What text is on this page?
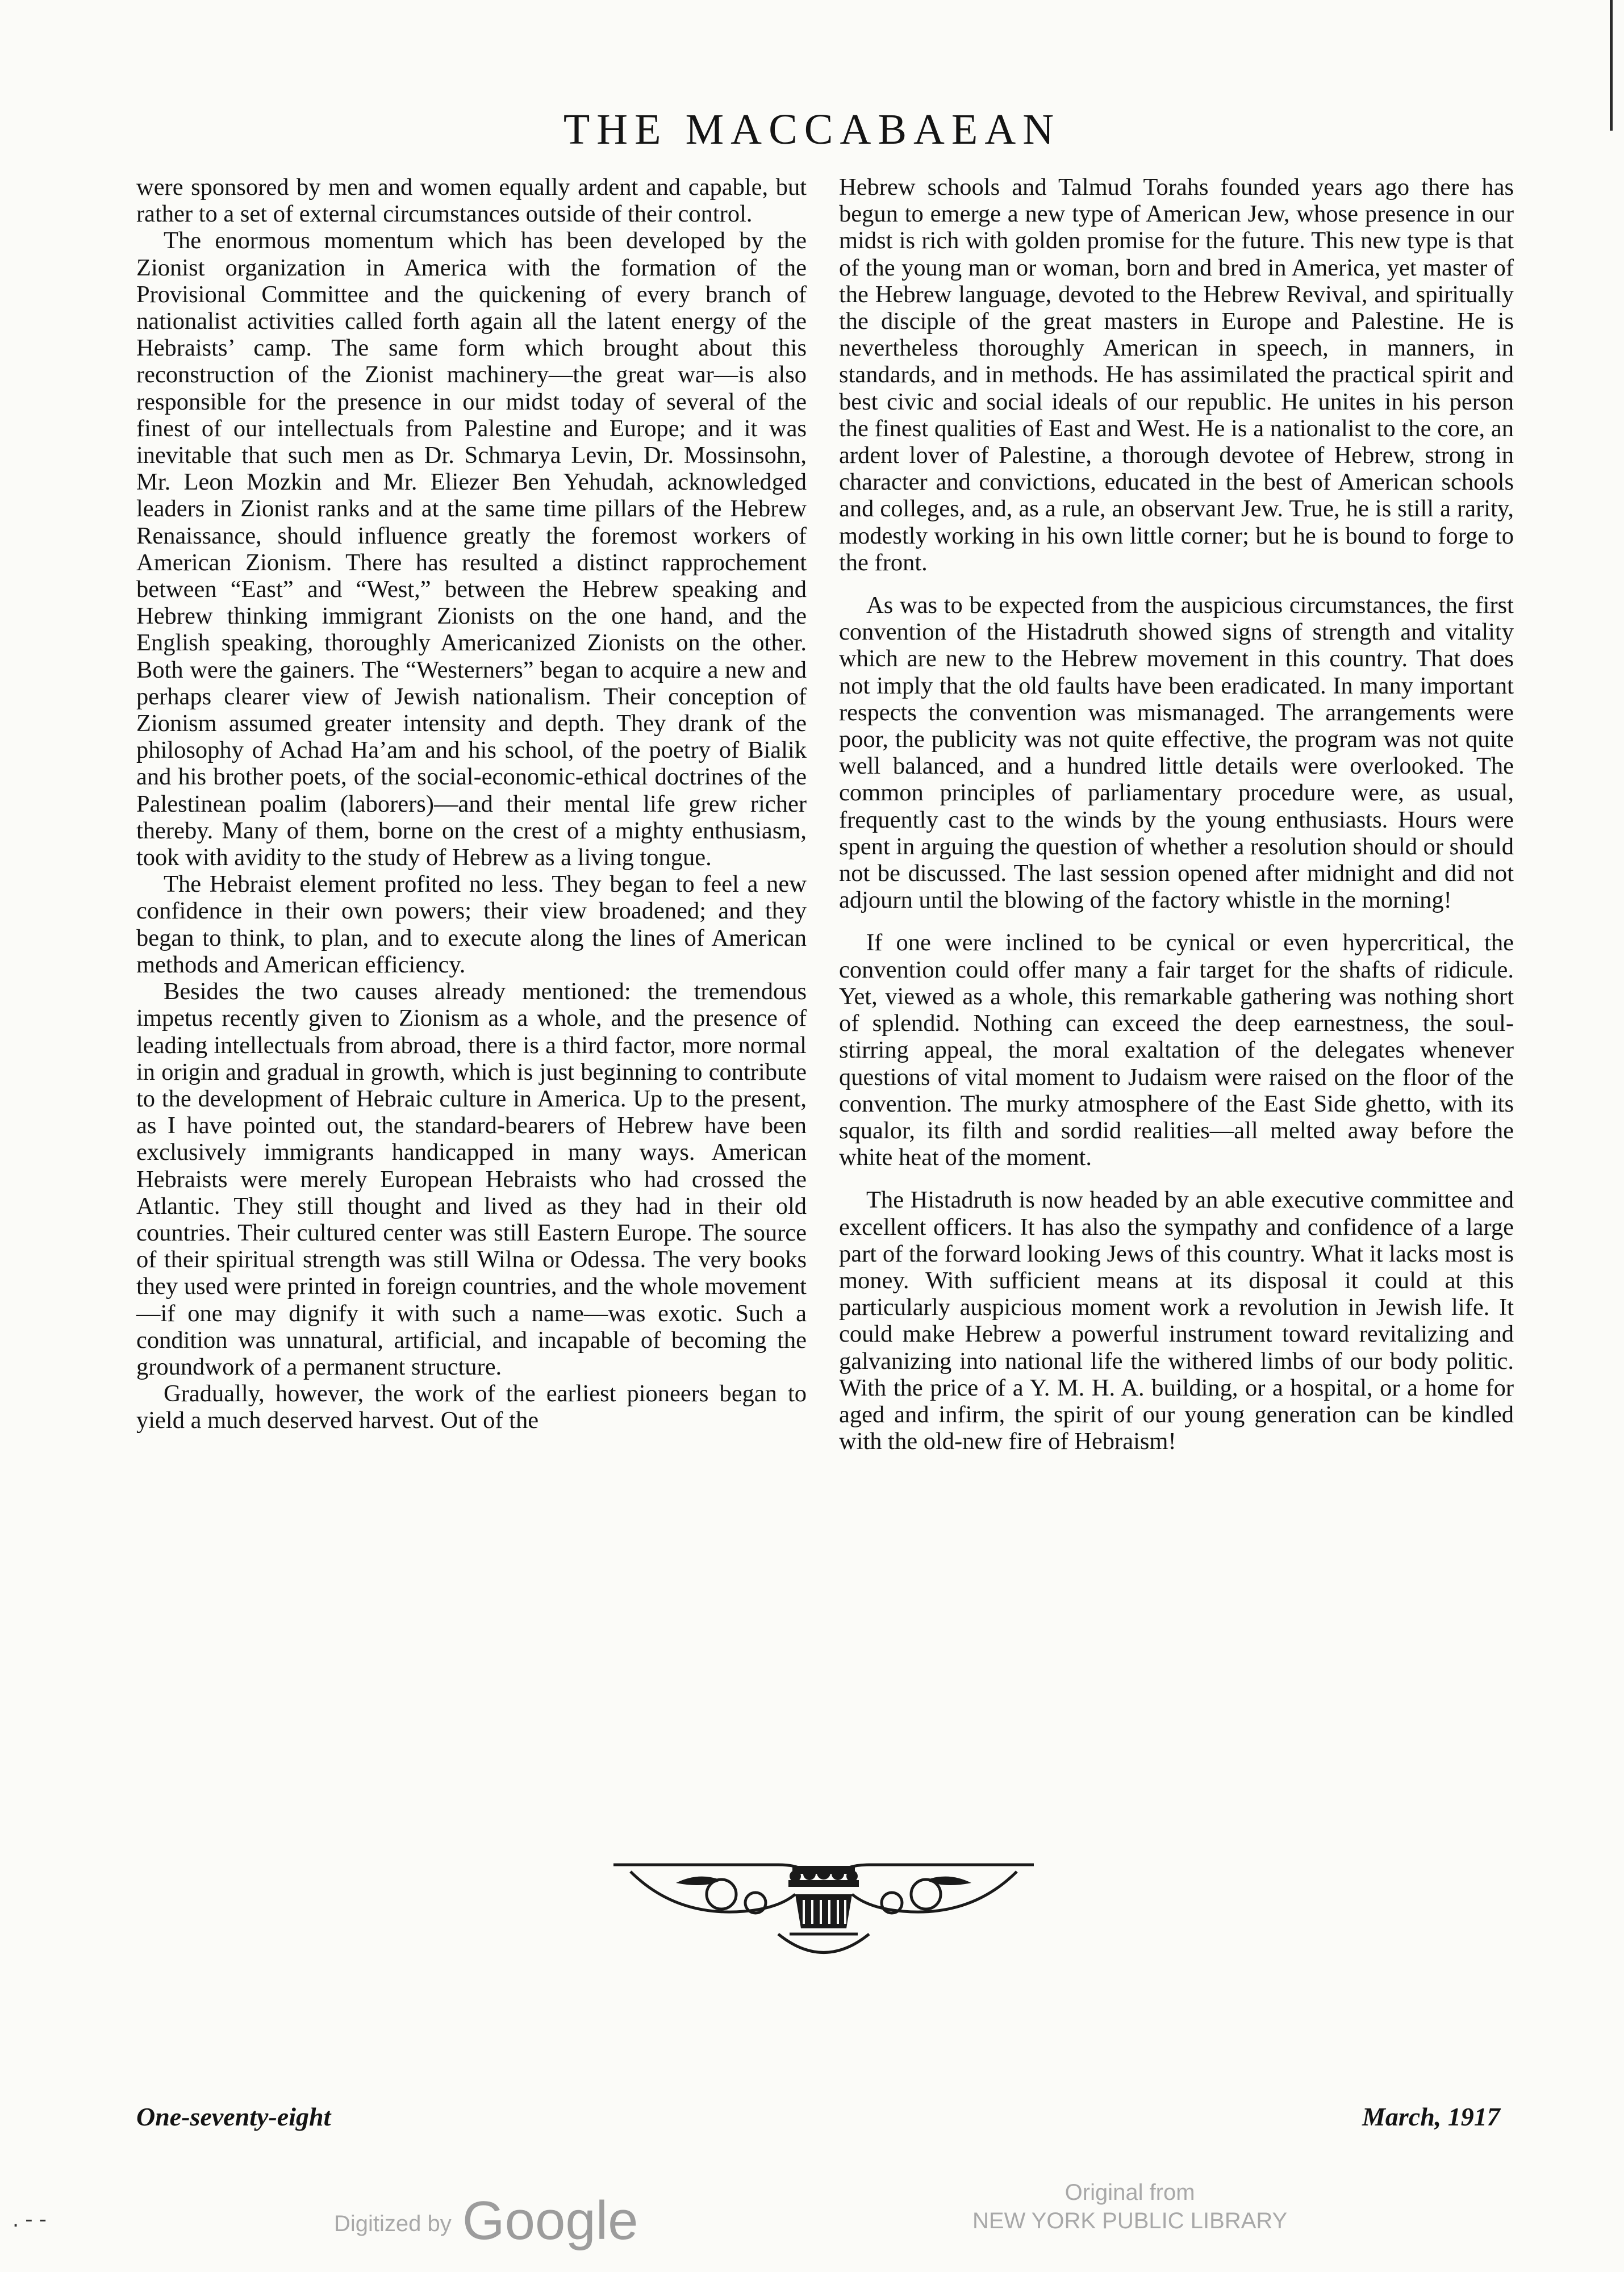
THE MACCABAEAN

were sponsored by men and women equally ardent and capable, but rather to a set of external circumstances outside of their control.

The enormous momentum which has been developed by the Zionist organization in America with the formation of the Provisional Committee and the quickening of every branch of nationalist activities called forth again all the latent energy of the Hebraists’ camp. The same form which brought about this reconstruction of the Zionist machinery—the great war—is also responsible for the presence in our midst today of several of the finest of our intellectuals from Palestine and Europe; and it was inevitable that such men as Dr. Schmarya Levin, Dr. Mossinsohn, Mr. Leon Mozkin and Mr. Eliezer Ben Yehudah, acknowledged leaders in Zionist ranks and at the same time pillars of the Hebrew Renaissance, should influence greatly the foremost workers of American Zionism. There has resulted a distinct rapprochement between “East” and “West,” between the Hebrew speaking and Hebrew thinking immigrant Zionists on the one hand, and the English speaking, thoroughly Americanized Zionists on the other. Both were the gainers. The “Westerners” began to acquire a new and perhaps clearer view of Jewish nationalism. Their conception of Zionism assumed greater intensity and depth. They drank of the philosophy of Achad Ha’am and his school, of the poetry of Bialik and his brother poets, of the social-economic-ethical doctrines of the Palestinean poalim (laborers)—and their mental life grew richer thereby. Many of them, borne on the crest of a mighty enthusiasm, took with avidity to the study of Hebrew as a living tongue.

The Hebraist element profited no less. They began to feel a new confidence in their own powers; their view broadened; and they began to think, to plan, and to execute along the lines of American methods and American efficiency.

Besides the two causes already mentioned: the tremendous impetus recently given to Zionism as a whole, and the presence of leading intellectuals from abroad, there is a third factor, more normal in origin and gradual in growth, which is just beginning to contribute to the development of Hebraic culture in America. Up to the present, as I have pointed out, the standard-bearers of Hebrew have been exclusively immigrants handicapped in many ways. American Hebraists were merely European Hebraists who had crossed the Atlantic. They still thought and lived as they had in their old countries. Their cultured center was still Eastern Europe. The source of their spiritual strength was still Wilna or Odessa. The very books they used were printed in foreign countries, and the whole movement—if one may dignify it with such a name—was exotic. Such a condition was unnatural, artificial, and incapable of becoming the groundwork of a permanent structure.

Gradually, however, the work of the earliest pioneers began to yield a much deserved harvest. Out of the

Hebrew schools and Talmud Torahs founded years ago there has begun to emerge a new type of American Jew, whose presence in our midst is rich with golden promise for the future. This new type is that of the young man or woman, born and bred in America, yet master of the Hebrew language, devoted to the Hebrew Revival, and spiritually the disciple of the great masters in Europe and Palestine. He is nevertheless thoroughly American in speech, in manners, in standards, and in methods. He has assimilated the practical spirit and best civic and social ideals of our republic. He unites in his person the finest qualities of East and West. He is a nationalist to the core, an ardent lover of Palestine, a thorough devotee of Hebrew, strong in character and convictions, educated in the best of American schools and colleges, and, as a rule, an observant Jew. True, he is still a rarity, modestly working in his own little corner; but he is bound to forge to the front.

As was to be expected from the auspicious circumstances, the first convention of the Histadruth showed signs of strength and vitality which are new to the Hebrew movement in this country. That does not imply that the old faults have been eradicated. In many important respects the convention was mismanaged. The arrangements were poor, the publicity was not quite effective, the program was not quite well balanced, and a hundred little details were overlooked. The common principles of parliamentary procedure were, as usual, frequently cast to the winds by the young enthusiasts. Hours were spent in arguing the question of whether a resolution should or should not be discussed. The last session opened after midnight and did not adjourn until the blowing of the factory whistle in the morning!

If one were inclined to be cynical or even hypercritical, the convention could offer many a fair target for the shafts of ridicule. Yet, viewed as a whole, this remarkable gathering was nothing short of splendid. Nothing can exceed the deep earnestness, the soul-stirring appeal, the moral exaltation of the delegates whenever questions of vital moment to Judaism were raised on the floor of the convention. The murky atmosphere of the East Side ghetto, with its squalor, its filth and sordid realities—all melted away before the white heat of the moment.

The Histadruth is now headed by an able executive committee and excellent officers. It has also the sympathy and confidence of a large part of the forward looking Jews of this country. What it lacks most is money. With sufficient means at its disposal it could at this particularly auspicious moment work a revolution in Jewish life. It could make Hebrew a powerful instrument toward revitalizing and galvanizing into national life the withered limbs of our body politic. With the price of a Y. M. H. A. building, or a hospital, or a home for aged and infirm, the spirit of our young generation can be kindled with the old-new fire of Hebraism!

One-seventy-eight	March, 1917
. - -	Digitized by Google	Original from
NEW YORK PUBLIC LIBRARY
